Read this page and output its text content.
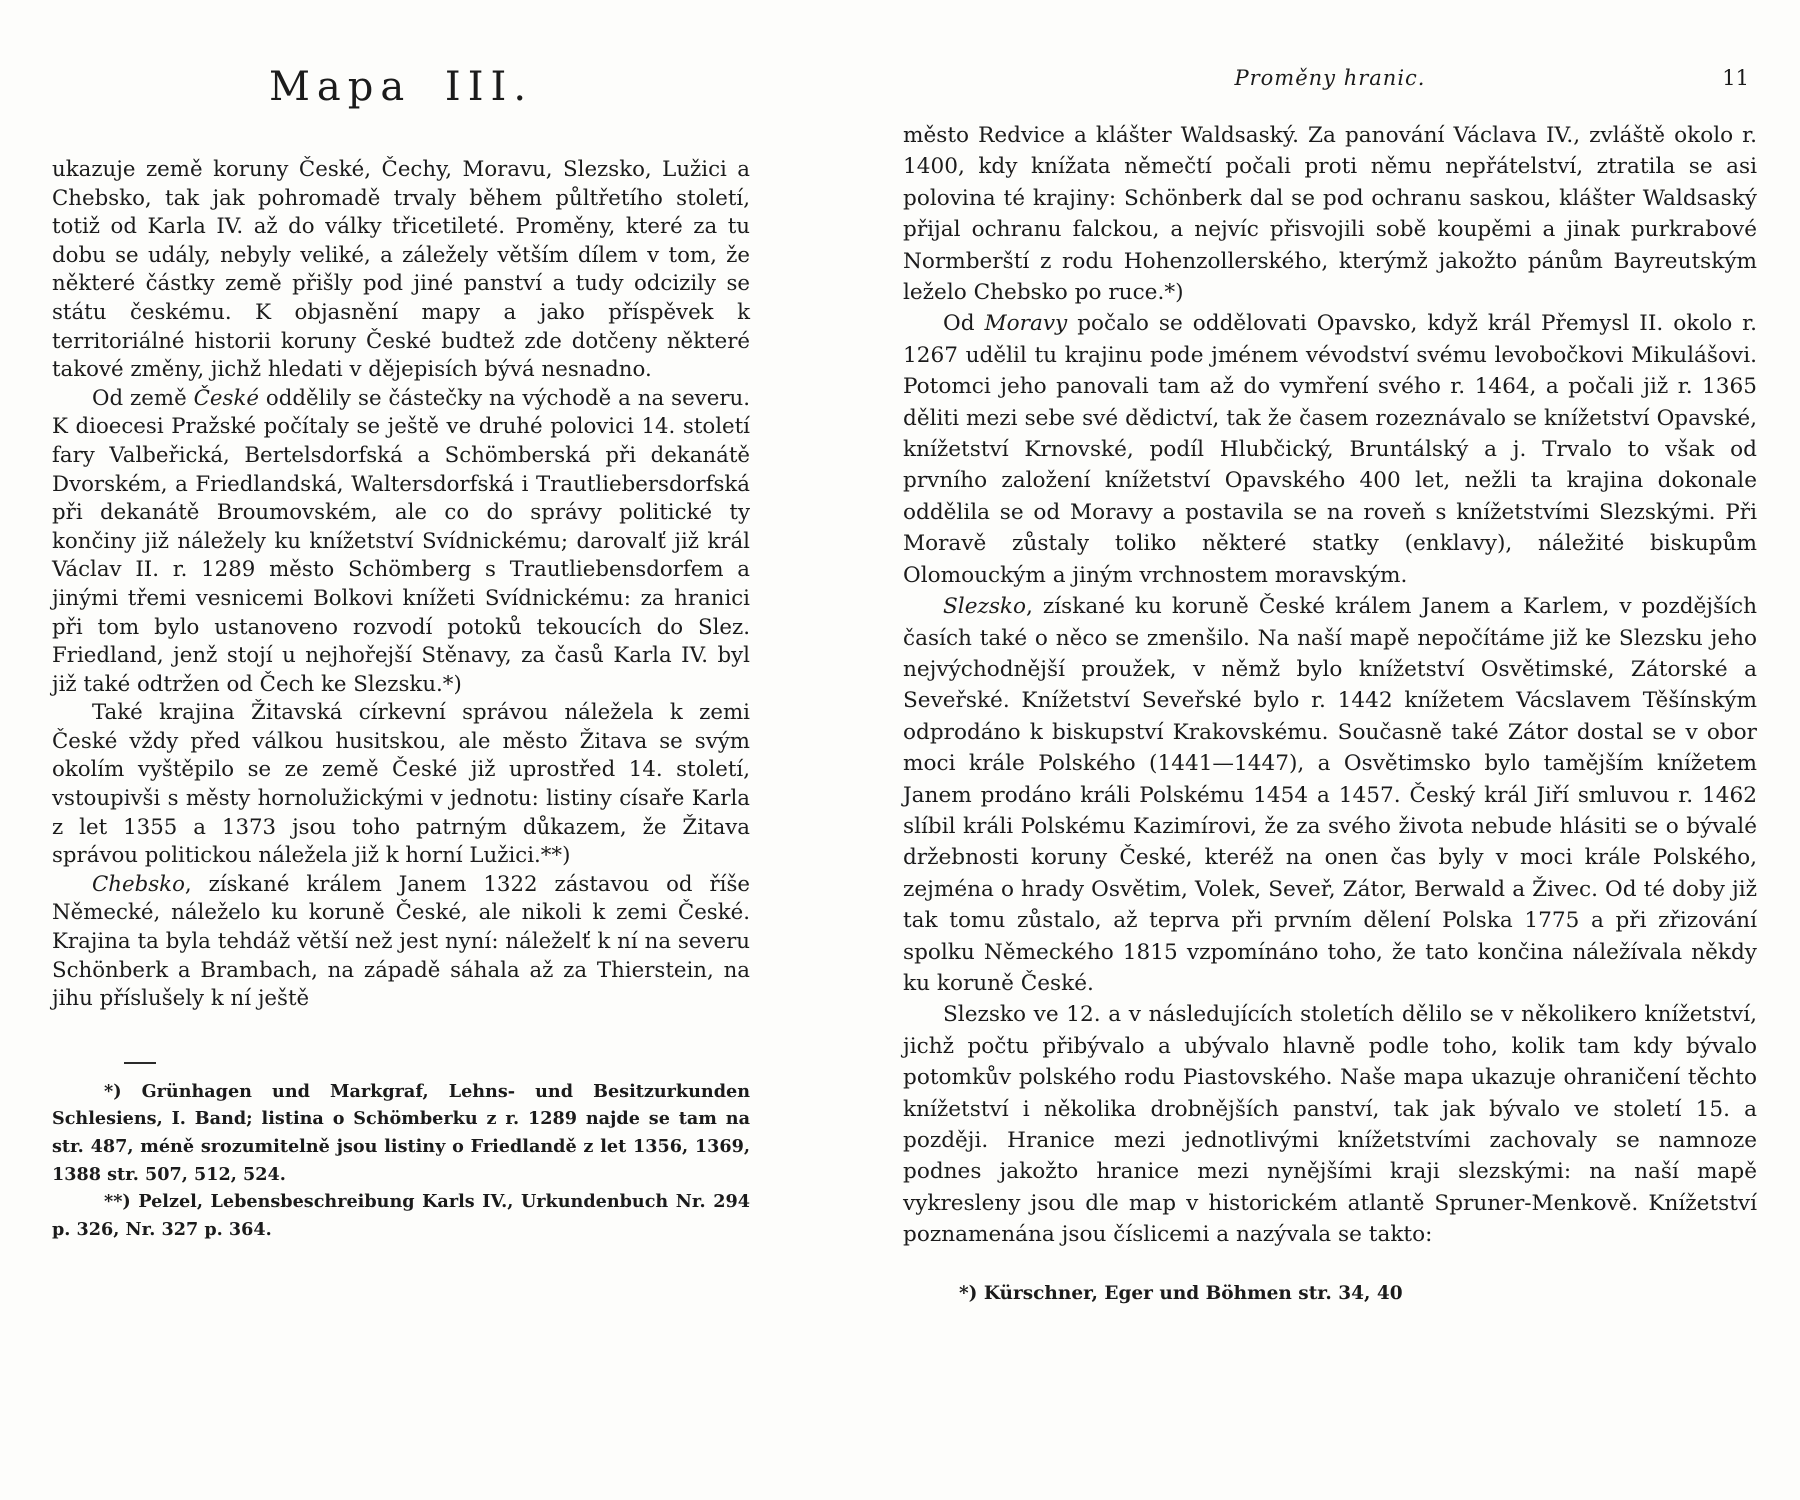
Mapa III.

ukazuje země koruny České, Čechy, Moravu, Slezsko, Lužici a Chebsko, tak jak pohromadě trvaly během půltřetího století, totiž od Karla IV. až do války třicetileté. Proměny, které za tu dobu se udály, nebyly veliké, a záležely větším dílem v tom, že některé částky země přišly pod jiné panství a tudy odcizily se státu českému. K objasnění mapy a jako příspěvek k territoriálné historii koruny České budtež zde dotčeny některé takové změny, jichž hledati v dějepisích bývá nesnadno.

Od země České oddělily se částečky na východě a na severu. K dioecesi Pražské počítaly se ještě ve druhé polovici 14. století fary Valbeřická, Bertelsdorfská a Schömberská při dekanátě Dvorském, a Friedlandská, Waltersdorfská i Trautliebersdorfská při dekanátě Broumovském, ale co do správy politické ty končiny již náležely ku knížetství Svídnickému; darovalť již král Václav II. r. 1289 město Schömberg s Trautliebensdorfem a jinými třemi vesnicemi Bolkovi knížeti Svídnickému: za hranici při tom bylo ustanoveno rozvodí potoků tekoucích do Slez. Friedland, jenž stojí u nejhořejší Stěnavy, za časů Karla IV. byl již také odtržen od Čech ke Slezsku.*)

Také krajina Žitavská církevní správou náležela k zemi České vždy před válkou husitskou, ale město Žitava se svým okolím vyštěpilo se ze země České již uprostřed 14. století, vstoupivši s městy hornolužickými v jednotu: listiny císaře Karla z let 1355 a 1373 jsou toho patrným důkazem, že Žitava správou politickou náležela již k horní Lužici.**)

Chebsko, získané králem Janem 1322 zástavou od říše Německé, náleželo ku koruně České, ale nikoli k zemi České. Krajina ta byla tehdáž větší než jest nyní: náleželť k ní na severu Schönberk a Brambach, na západě sáhala až za Thierstein, na jihu příslušely k ní ještě

*) Grünhagen und Markgraf, Lehns- und Besitzurkunden Schlesiens, I. Band; listina o Schömberku z r. 1289 najde se tam na str. 487, méně srozumitelně jsou listiny o Friedlandě z let 1356, 1369, 1388 str. 507, 512, 524.

**) Pelzel, Lebensbeschreibung Karls IV., Urkundenbuch Nr. 294 p. 326, Nr. 327 p. 364.

Proměny hranic.	11

město Redvice a klášter Waldsaský. Za panování Václava IV., zvláště okolo r. 1400, kdy knížata němečtí počali proti němu nepřátelství, ztratila se asi polovina té krajiny: Schönberk dal se pod ochranu saskou, klášter Waldsaský přijal ochranu falckou, a nejvíc přisvojili sobě koupěmi a jinak purkrabové Normberští z rodu Hohenzollerského, kterýmž jakožto pánům Bayreutským leželo Chebsko po ruce.*)

Od Moravy počalo se oddělovati Opavsko, když král Přemysl II. okolo r. 1267 udělil tu krajinu pode jménem vévodství svému levobočkovi Mikulášovi. Potomci jeho panovali tam až do vymření svého r. 1464, a počali již r. 1365 děliti mezi sebe své dědictví, tak že časem rozeznávalo se knížetství Opavské, knížetství Krnovské, podíl Hlubčický, Bruntálský a j. Trvalo to však od prvního založení knížetství Opavského 400 let, nežli ta krajina dokonale oddělila se od Moravy a postavila se na roveň s knížetstvími Slezskými. Při Moravě zůstaly toliko některé statky (enklavy), náležité biskupům Olomouckým a jiným vrchnostem moravským.

Slezsko, získané ku koruně České králem Janem a Karlem, v pozdějších časích také o něco se zmenšilo. Na naší mapě nepočítáme již ke Slezsku jeho nejvýchodnější proužek, v němž bylo knížetství Osvětimské, Zátorské a Seveřské. Knížetství Seveřské bylo r. 1442 knížetem Vácslavem Těšínským odprodáno k biskupství Krakovskému. Současně také Zátor dostal se v obor moci krále Polského (1441—1447), a Osvětimsko bylo tamějším knížetem Janem prodáno králi Polskému 1454 a 1457. Český král Jiří smluvou r. 1462 slíbil králi Polskému Kazimírovi, že za svého života nebude hlásiti se o bývalé držebnosti koruny České, kteréž na onen čas byly v moci krále Polského, zejména o hrady Osvětim, Volek, Seveř, Zátor, Berwald a Živec. Od té doby již tak tomu zůstalo, až teprva při prvním dělení Polska 1775 a při zřizování spolku Německého 1815 vzpomínáno toho, že tato končina náležívala někdy ku koruně České.

Slezsko ve 12. a v následujících stoletích dělilo se v několikero knížetství, jichž počtu přibývalo a ubývalo hlavně podle toho, kolik tam kdy bývalo potomkův polského rodu Piastovského. Naše mapa ukazuje ohraničení těchto knížetství i několika drobnějších panství, tak jak bývalo ve století 15. a později. Hranice mezi jednotlivými knížetstvími zachovaly se namnoze podnes jakožto hranice mezi nynějšími kraji slezskými: na naší mapě vykresleny jsou dle map v historickém atlantě Spruner-Menkově. Knížetství poznamenána jsou číslicemi a nazývala se takto:

*) Kürschner, Eger und Böhmen str. 34, 40
